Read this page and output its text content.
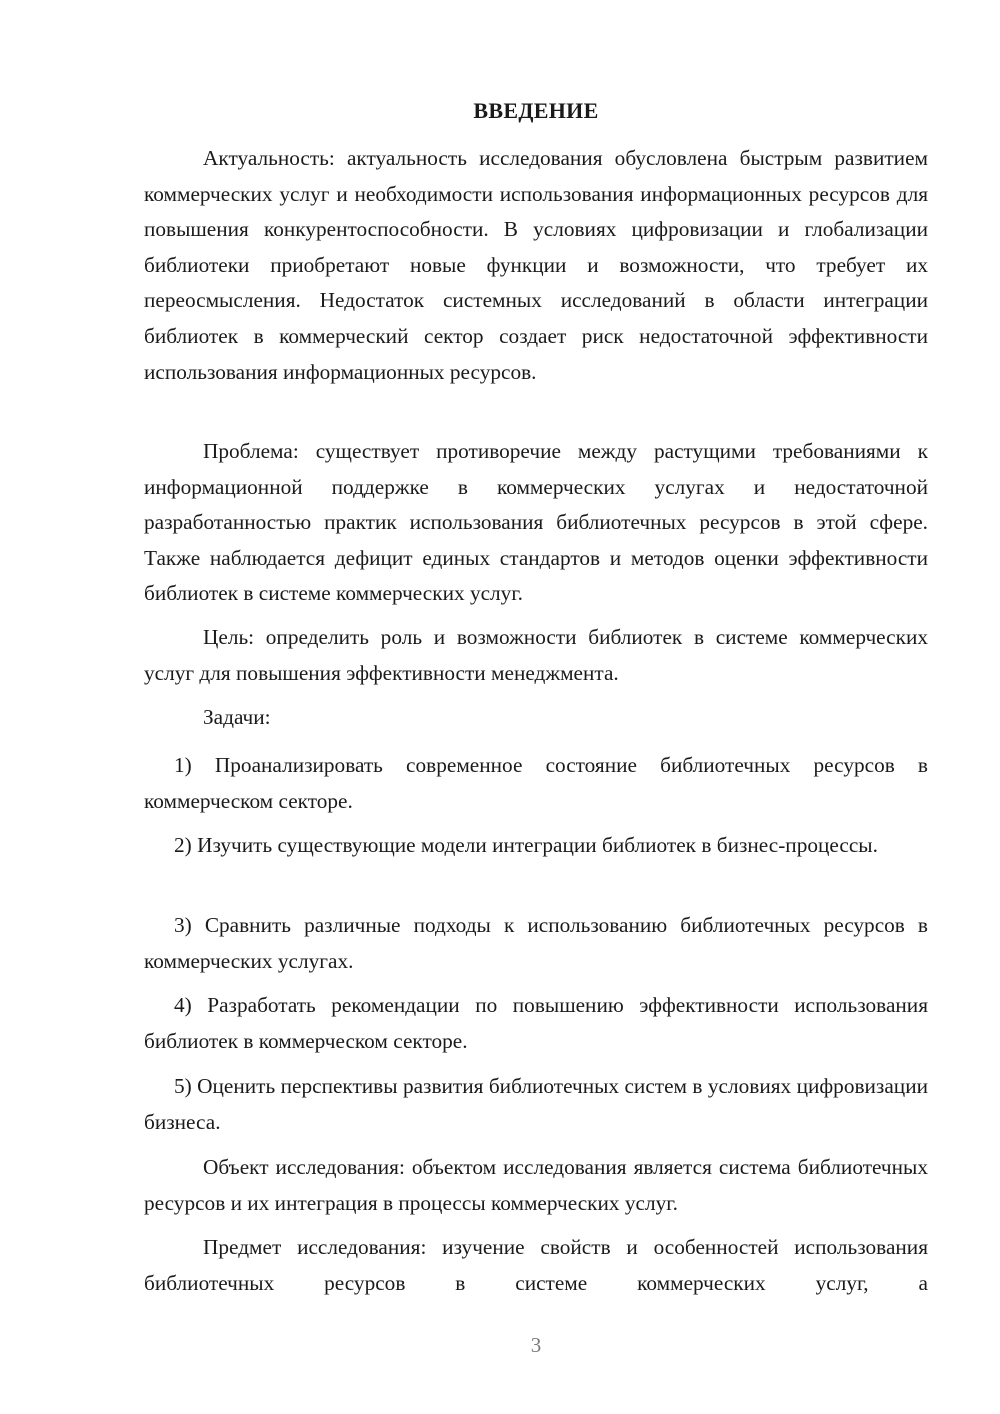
ВВЕДЕНИЕ

Актуальность: актуальность исследования обусловлена быстрым развитием коммерческих услуг и необходимости использования информационных ресурсов для повышения конкурентоспособности. В условиях цифровизации и глобализации библиотеки приобретают новые функции и возможности, что требует их переосмысления. Недостаток системных исследований в области интеграции библиотек в коммерческий сектор создает риск недостаточной эффективности использования информационных ресурсов.

Проблема: существует противоречие между растущими требованиями к информационной поддержке в коммерческих услугах и недостаточной разработанностью практик использования библиотечных ресурсов в этой сфере. Также наблюдается дефицит единых стандартов и методов оценки эффективности библиотек в системе коммерческих услуг.

Цель: определить роль и возможности библиотек в системе коммерческих услуг для повышения эффективности менеджмента.

Задачи:

1) Проанализировать современное состояние библиотечных ресурсов в коммерческом секторе.

2) Изучить существующие модели интеграции библиотек в бизнес-процессы.

3) Сравнить различные подходы к использованию библиотечных ресурсов в коммерческих услугах.

4) Разработать рекомендации по повышению эффективности использования библиотек в коммерческом секторе.

5) Оценить перспективы развития библиотечных систем в условиях цифровизации бизнеса.

Объект исследования: объектом исследования является система библиотечных ресурсов и их интеграция в процессы коммерческих услуг.

Предмет исследования: изучение свойств и особенностей использования библиотечных ресурсов в системе коммерческих услуг, а

3
